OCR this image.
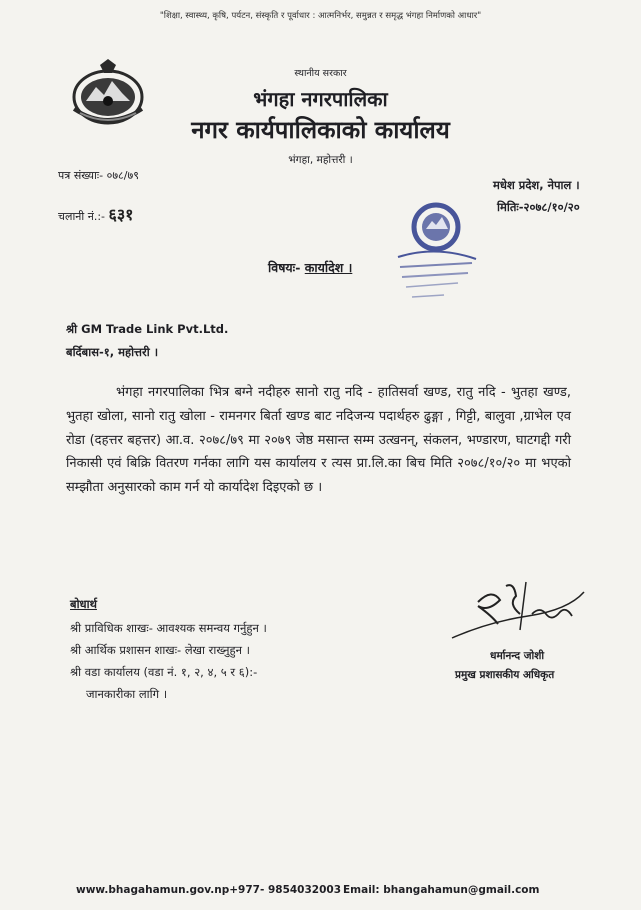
"शिक्षा, स्वास्थ्य, कृषि, पर्यटन, संस्कृति र पूर्वाधार : आत्मनिर्भर, समुन्नत र समृद्ध भंगहा निर्माणको आधार"
स्थानीय सरकार
भंगहा नगरपालिका
नगर कार्यपालिकाको कार्यालय
भंगहा, महोत्तरी ।
पत्र संख्याः- ०७८/७९
चलानी नं.:- ६३१
मधेश प्रदेश, नेपाल ।
मितिः-२०७८/१०/२०
विषयः- कार्यादेश ।
श्री GM Trade Link Pvt.Ltd.
बर्दिबास-१, महोत्तरी ।
भंगहा नगरपालिका भित्र बग्ने नदीहरु सानो रातु नदि - हातिसर्वा खण्ड, रातु नदि - भुतहा खण्ड, भुतहा खोला, सानो रातु खोला - रामनगर बिर्ता खण्ड बाट नदिजन्य पदार्थहरु ढुङ्गा , गिट्टी, बालुवा ,ग्राभेल एव रोडा (दहत्तर बहत्तर) आ.व. २०७८/७९ मा २०७९ जेष्ठ मसान्त सम्म उत्खनन्, संकलन, भण्डारण, घाटगद्दी गरी निकासी एवं बिक्रि वितरण गर्नका लागि यस कार्यालय र त्यस प्रा.लि.का बिच मिति २०७८/१०/२० मा भएको सम्झौता अनुसारको काम गर्न यो कार्यादेश दिइएको छ ।
बोधार्थ
श्री प्राविधिक शाखः- आवश्यक समन्वय गर्नुहुन ।
श्री आर्थिक प्रशासन शाखः- लेखा राख्नुहुन ।
श्री वडा कार्यालय (वडा नं. १, २, ४, ५ र ६):-
जानकारीका लागि ।
धर्मानन्द जोशी
प्रमुख प्रशासकीय अधिकृत
www.bhagahamun.gov.np+977- 9854032003 Email: bhangahamun@gmail.com
